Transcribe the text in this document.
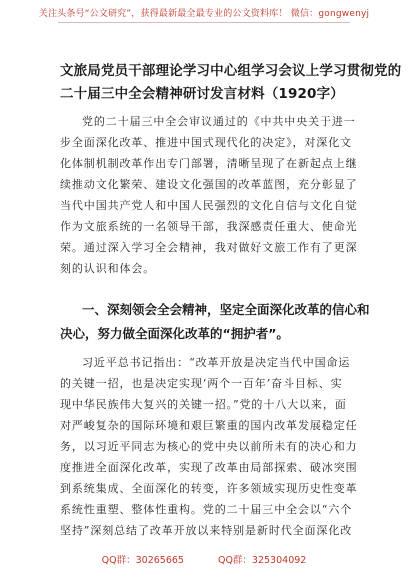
关注头条号“公文研究”，获得最新最全最专业的公文资料库！ 微信：gongwenyj
文旅局党员干部理论学习中心组学习会议上学习贯彻党的
二十届三中全会精神研讨发言材料（1920字）
党的二十届三中全会审议通过的《中共中央关于进一
步全面深化改革、推进中国式现代化的决定》，对深化文
化体制机制改革作出专门部署，清晰呈现了在新起点上继
续推动文化繁荣、建设文化强国的改革蓝图，充分彰显了
当代中国共产党人和中国人民强烈的文化自信与文化自觉
作为文旅系统的一名领导干部，我深感责任重大、使命光
荣。通过深入学习全会精神，我对做好文旅工作有了更深
刻的认识和体会。
一、深刻领会全会精神，坚定全面深化改革的信心和
决心，努力做全面深化改革的“拥护者”。
习近平总书记指出：“改革开放是决定当代中国命运
的关键一招，也是决定实现‘两个一百年’奋斗目标、实
现中华民族伟大复兴的关键一招。”党的十八大以来，面
对严峻复杂的国际环境和艰巨繁重的国内改革发展稳定任
务，以习近平同志为核心的党中央以前所未有的决心和力
度推进全面深化改革，实现了改革由局部探索、破冰突围
到系统集成、全面深化的转变，许多领域实现历史性变革
系统性重塑、整体性重构。党的二十届三中全会以“六个
坚持”深刻总结了改革开放以来特别是新时代全面深化改
QQ群：30265665	QQ群：325304092
